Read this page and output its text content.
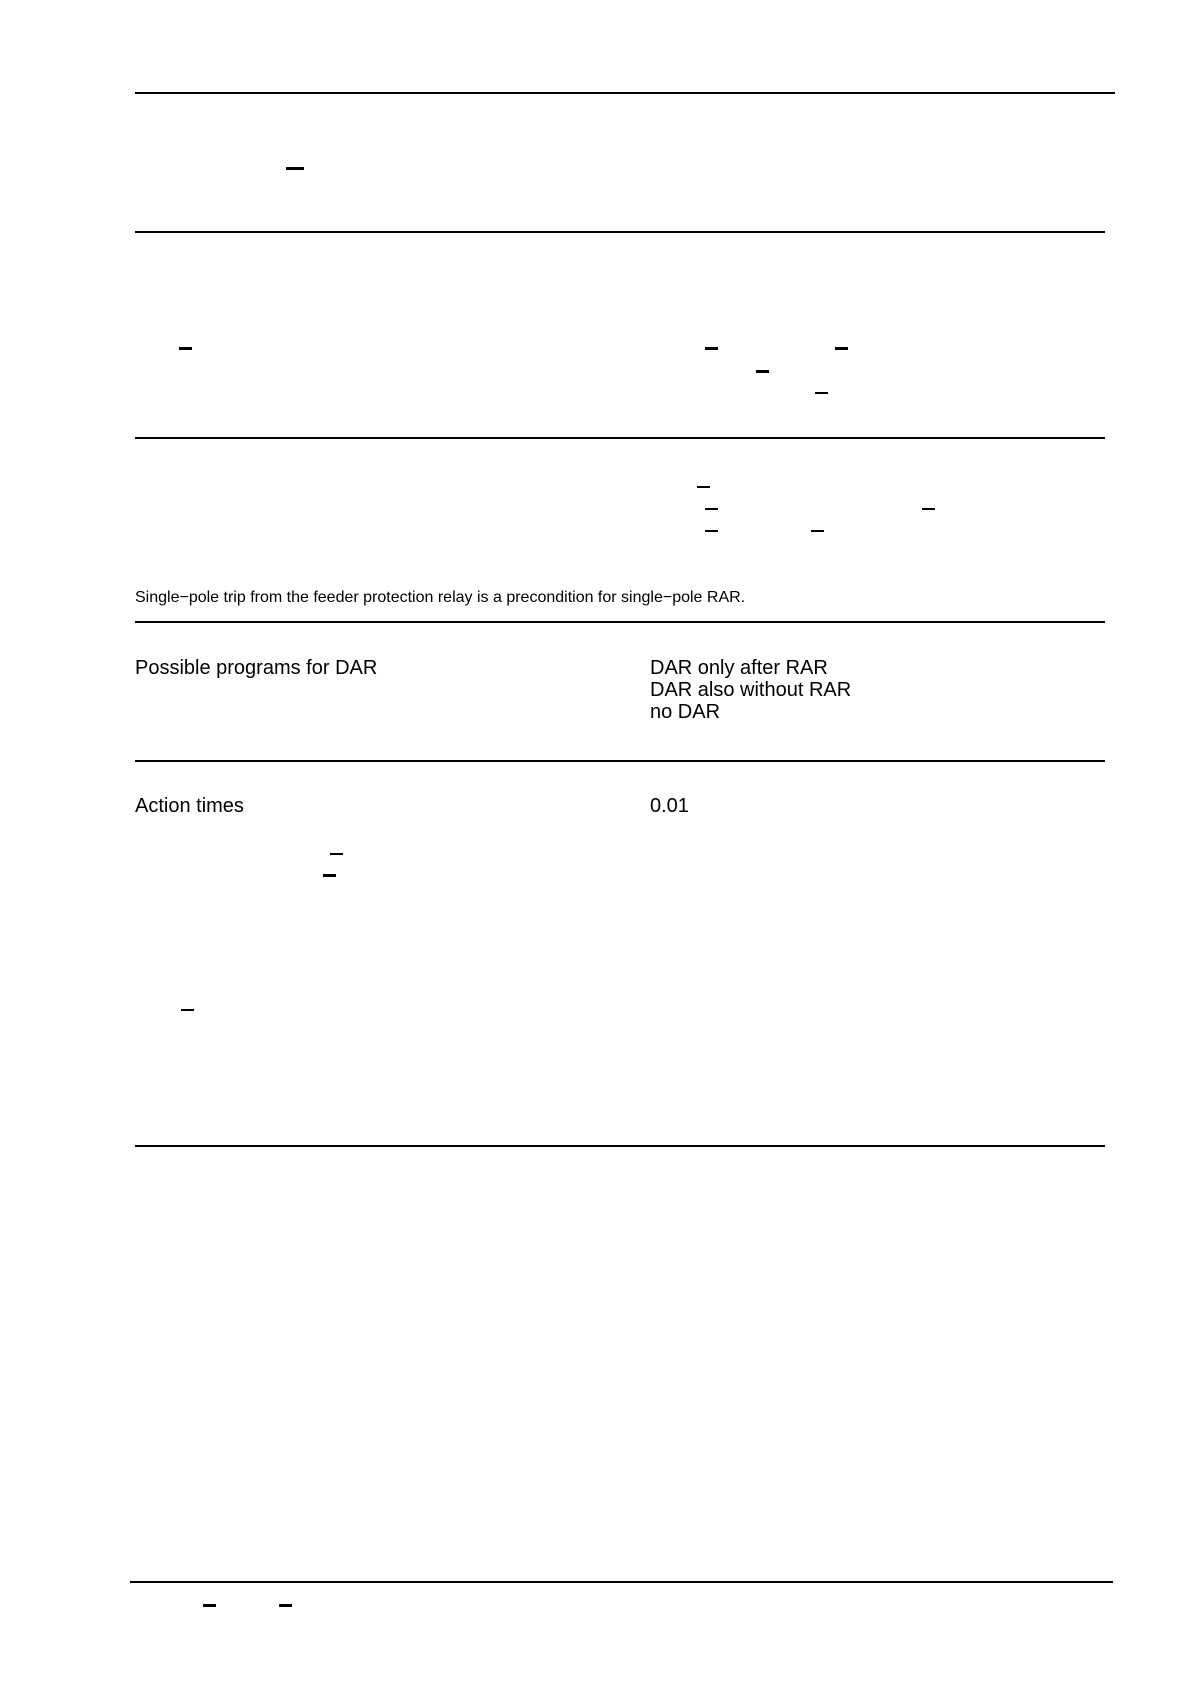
Single−pole trip from the feeder protection relay is a precondition for single−pole RAR.
Possible programs for DAR	DAR only after RAR
DAR also without RAR
no DAR
Action times	0.01
